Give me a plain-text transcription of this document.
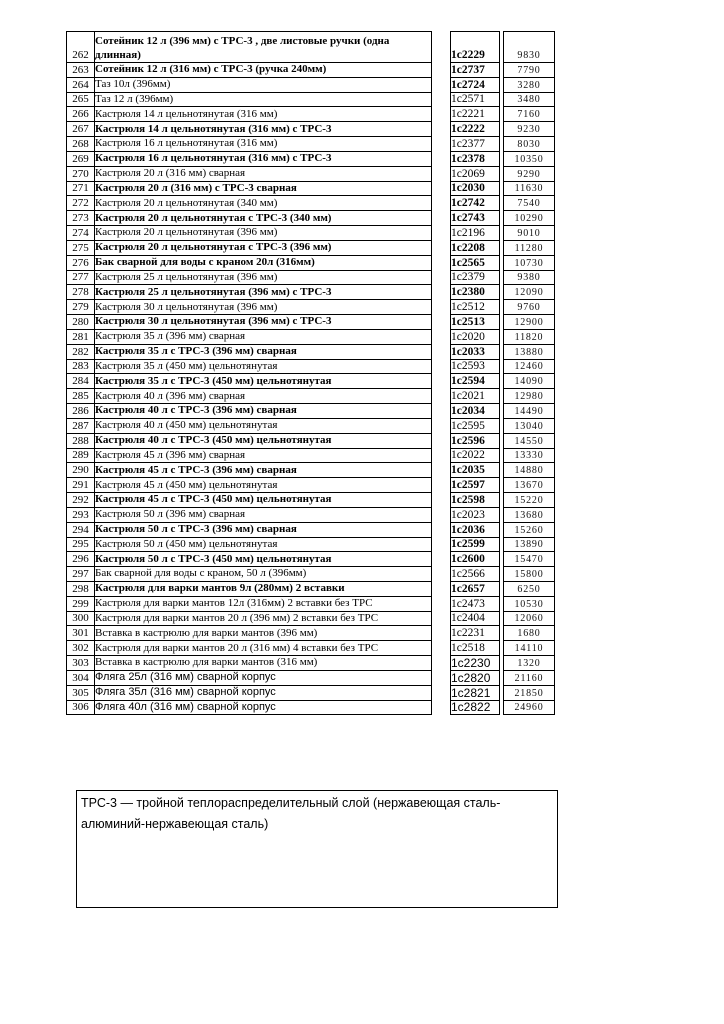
262	Сотейник 12 л (396 мм) с ТРС-3 , две листовые ручки (одна длинная)		1c2229		9830
263	Сотейник 12 л (316 мм) с ТРС-3 (ручка 240мм)		1c2737		7790
264	Таз 10л (396мм)		1c2724		3280
265	Таз 12 л (396мм)		1c2571		3480
266	Кастрюля 14 л цельнотянутая (316 мм)		1c2221		7160
267	Кастрюля 14 л цельнотянутая (316 мм) с ТРС-3		1c2222		9230
268	Кастрюля 16 л цельнотянутая (316 мм)		1c2377		8030
269	Кастрюля 16 л цельнотянутая (316 мм) с ТРС-3		1c2378		10350
270	Кастрюля 20 л (316 мм) сварная		1c2069		9290
271	Кастрюля 20 л (316 мм) с ТРС-3 сварная		1c2030		11630
272	Кастрюля 20 л цельнотянутая (340 мм)		1c2742		7540
273	Кастрюля 20 л цельнотянутая с ТРС-3 (340 мм)		1c2743		10290
274	Кастрюля 20 л цельнотянутая (396 мм)		1c2196		9010
275	Кастрюля 20 л цельнотянутая с ТРС-3 (396 мм)		1c2208		11280
276	Бак сварной для воды с краном 20л (316мм)		1c2565		10730
277	Кастрюля 25 л цельнотянутая (396 мм)		1c2379		9380
278	Кастрюля 25 л цельнотянутая (396 мм) с ТРС-3		1c2380		12090
279	Кастрюля 30 л цельнотянутая (396 мм)		1c2512		9760
280	Кастрюля 30 л цельнотянутая (396 мм) с ТРС-3		1c2513		12900
281	Кастрюля 35 л (396 мм) сварная		1c2020		11820
282	Кастрюля 35 л с ТРС-3 (396 мм) сварная		1c2033		13880
283	Кастрюля 35 л (450 мм) цельнотянутая		1c2593		12460
284	Кастрюля 35 л с ТРС-3 (450 мм) цельнотянутая		1c2594		14090
285	Кастрюля 40 л (396 мм) сварная		1c2021		12980
286	Кастрюля 40 л с ТРС-3 (396 мм) сварная		1c2034		14490
287	Кастрюля 40 л (450 мм) цельнотянутая		1c2595		13040
288	Кастрюля 40 л с ТРС-3 (450 мм) цельнотянутая		1c2596		14550
289	Кастрюля 45 л (396 мм) сварная		1c2022		13330
290	Кастрюля 45 л с ТРС-3 (396 мм) сварная		1c2035		14880
291	Кастрюля 45 л (450 мм) цельнотянутая		1c2597		13670
292	Кастрюля 45 л с ТРС-3 (450 мм) цельнотянутая		1c2598		15220
293	Кастрюля 50 л (396 мм) сварная		1c2023		13680
294	Кастрюля 50 л с ТРС-3 (396 мм) сварная		1c2036		15260
295	Кастрюля 50 л (450 мм) цельнотянутая		1c2599		13890
296	Кастрюля 50 л с ТРС-3 (450 мм) цельнотянутая		1c2600		15470
297	Бак сварной для воды с краном, 50 л (396мм)		1c2566		15800
298	Кастрюля для варки мантов 9л (280мм) 2 вставки		1c2657		6250
299	Кастрюля для варки мантов 12л (316мм) 2 вставки без ТРС		1c2473		10530
300	Кастрюля для варки мантов 20 л (396 мм) 2 вставки без ТРС		1c2404		12060
301	Вставка в кастрюлю для варки мантов (396 мм)		1c2231		1680
302	Кастрюля для варки мантов 20 л (316 мм) 4 вставки без ТРС		1c2518		14110
303	Вставка в кастрюлю для варки мантов (316 мм)		1c2230		1320
304	Фляга 25л (316 мм) сварной корпус		1c2820		21160
305	Фляга 35л (316 мм) сварной корпус		1c2821		21850
306	Фляга 40л (316 мм) сварной корпус		1c2822		24960
ТРС-3 — тройной теплораспределительный слой (нержавеющая сталь-алюминий-нержавеющая сталь)
